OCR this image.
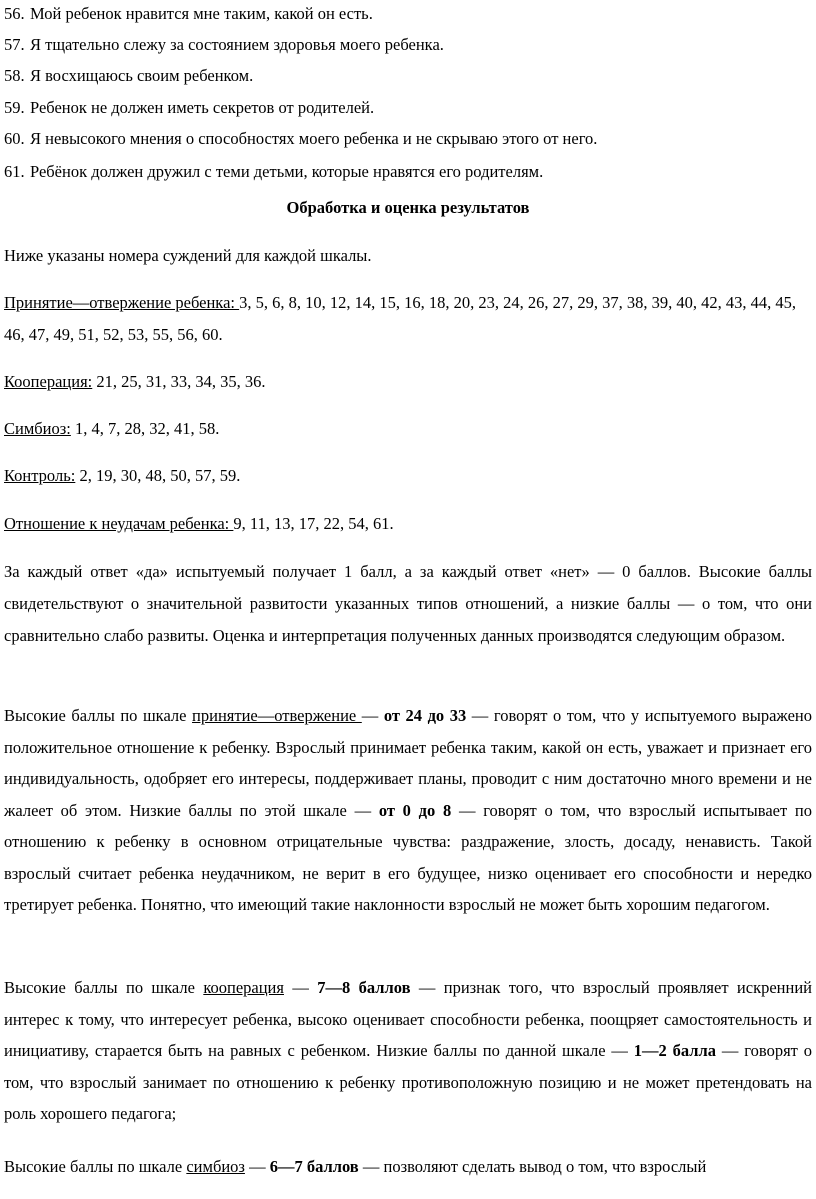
56. Мой ребенок нравится мне таким, какой он есть.
57. Я тщательно слежу за состоянием здоровья моего ребенка.
58. Я восхищаюсь своим ребенком.
59. Ребенок не должен иметь секретов от родителей.
60. Я невысокого мнения о способностях моего ребенка и не скрываю этого от него.
61. Ребёнок должен дружил с теми детьми, которые нравятся его родителям.
Обработка и оценка результатов
Ниже указаны номера суждений для каждой шкалы.
Принятие—отвержение ребенка: 3, 5, 6, 8, 10, 12, 14, 15, 16, 18, 20, 23, 24, 26, 27, 29, 37, 38, 39, 40, 42, 43, 44, 45, 46, 47, 49, 51, 52, 53, 55, 56, 60.
Кооперация: 21, 25, 31, 33, 34, 35, 36.
Симбиоз: 1, 4, 7, 28, 32, 41, 58.
Контроль: 2, 19, 30, 48, 50, 57, 59.
Отношение к неудачам ребенка: 9, 11, 13, 17, 22, 54, 61.
За каждый ответ «да» испытуемый получает 1 балл, а за каждый ответ «нет» — 0 баллов. Высокие баллы свидетельствуют о значительной развитости указанных типов отношений, а низкие баллы — о том, что они сравнительно слабо развиты. Оценка и интерпретация полученных данных производятся следующим образом.
Высокие баллы по шкале принятие—отвержение — от 24 до 33 — говорят о том, что у испытуемого выражено положительное отношение к ребенку. Взрослый принимает ребенка таким, какой он есть, уважает и признает его индивидуальность, одобряет его интересы, поддерживает планы, проводит с ним достаточно много времени и не жалеет об этом. Низкие баллы по этой шкале — от 0 до 8 — говорят о том, что взрослый испытывает по отношению к ребенку в основном отрицательные чувства: раздражение, злость, досаду, ненависть. Такой взрослый считает ребенка неудачником, не верит в его будущее, низко оценивает его способности и нередко третирует ребенка. Понятно, что имеющий такие наклонности взрослый не может быть хорошим педагогом.
Высокие баллы по шкале кооперация — 7—8 баллов — признак того, что взрослый проявляет искренний интерес к тому, что интересует ребенка, высоко оценивает способности ребенка, поощряет самостоятельность и инициативу, старается быть на равных с ребенком. Низкие баллы по данной шкале — 1—2 балла — говорят о том, что взрослый занимает по отношению к ребенку противоположную позицию и не может претендовать на роль хорошего педагога;
Высокие баллы по шкале симбиоз — 6—7 баллов — позволяют сделать вывод о том, что взрослый
